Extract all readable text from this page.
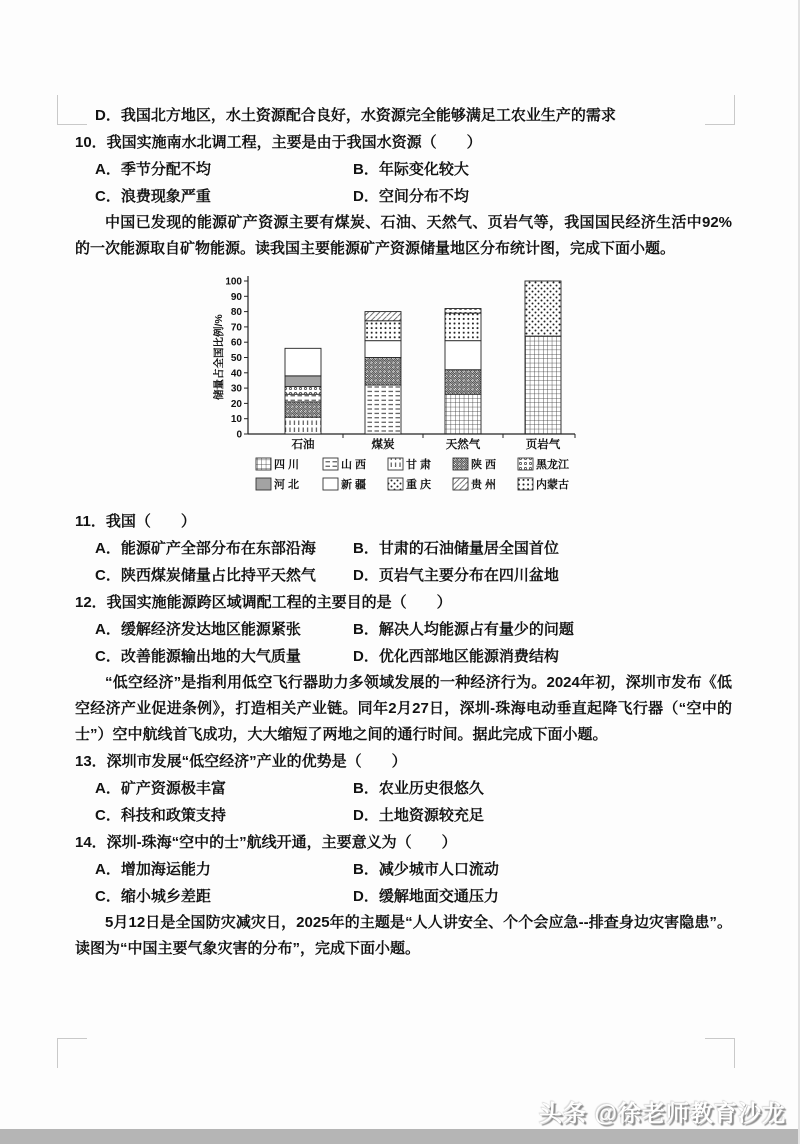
D．我国北方地区，水土资源配合良好，水资源完全能够满足工农业生产的需求
10．我国实施南水北调工程，主要是由于我国水资源（　　）
A．季节分配不均	B．年际变化较大
C．浪费现象严重	D．空间分布不均
中国已发现的能源矿产资源主要有煤炭、石油、天然气、页岩气等，我国国民经济生活中92%的一次能源取自矿物能源。读我国主要能源矿产资源储量地区分布统计图，完成下面小题。
0
10
20
30
40
50
60
70
80
90
100
储量占全国比例/%
石油	煤炭	天然气	页岩气
四 川	山 西	甘 肃	陕 西	黑龙江
河 北	新 疆	重 庆	贵 州	内蒙古
11．我国（　　）
A．能源矿产全部分布在东部沿海	B．甘肃的石油储量居全国首位
C．陕西煤炭储量占比持平天然气	D．页岩气主要分布在四川盆地
12．我国实施能源跨区域调配工程的主要目的是（　　）
A．缓解经济发达地区能源紧张	B．解决人均能源占有量少的问题
C．改善能源输出地的大气质量	D．优化西部地区能源消费结构
“低空经济”是指利用低空飞行器助力多领域发展的一种经济行为。2024年初，深圳市发布《低空经济产业促进条例》，打造相关产业链。同年2月27日，深圳-珠海电动垂直起降飞行器（“空中的士”）空中航线首飞成功，大大缩短了两地之间的通行时间。据此完成下面小题。
13．深圳市发展“低空经济”产业的优势是（　　）
A．矿产资源极丰富	B．农业历史很悠久
C．科技和政策支持	D．土地资源较充足
14．深圳-珠海“空中的士”航线开通，主要意义为（　　）
A．增加海运能力	B．减少城市人口流动
C．缩小城乡差距	D．缓解地面交通压力
5月12日是全国防灾减灾日，2025年的主题是“人人讲安全、个个会应急--排查身边灾害隐患”。读图为“中国主要气象灾害的分布”，完成下面小题。
头条 @徐老师教育沙龙
